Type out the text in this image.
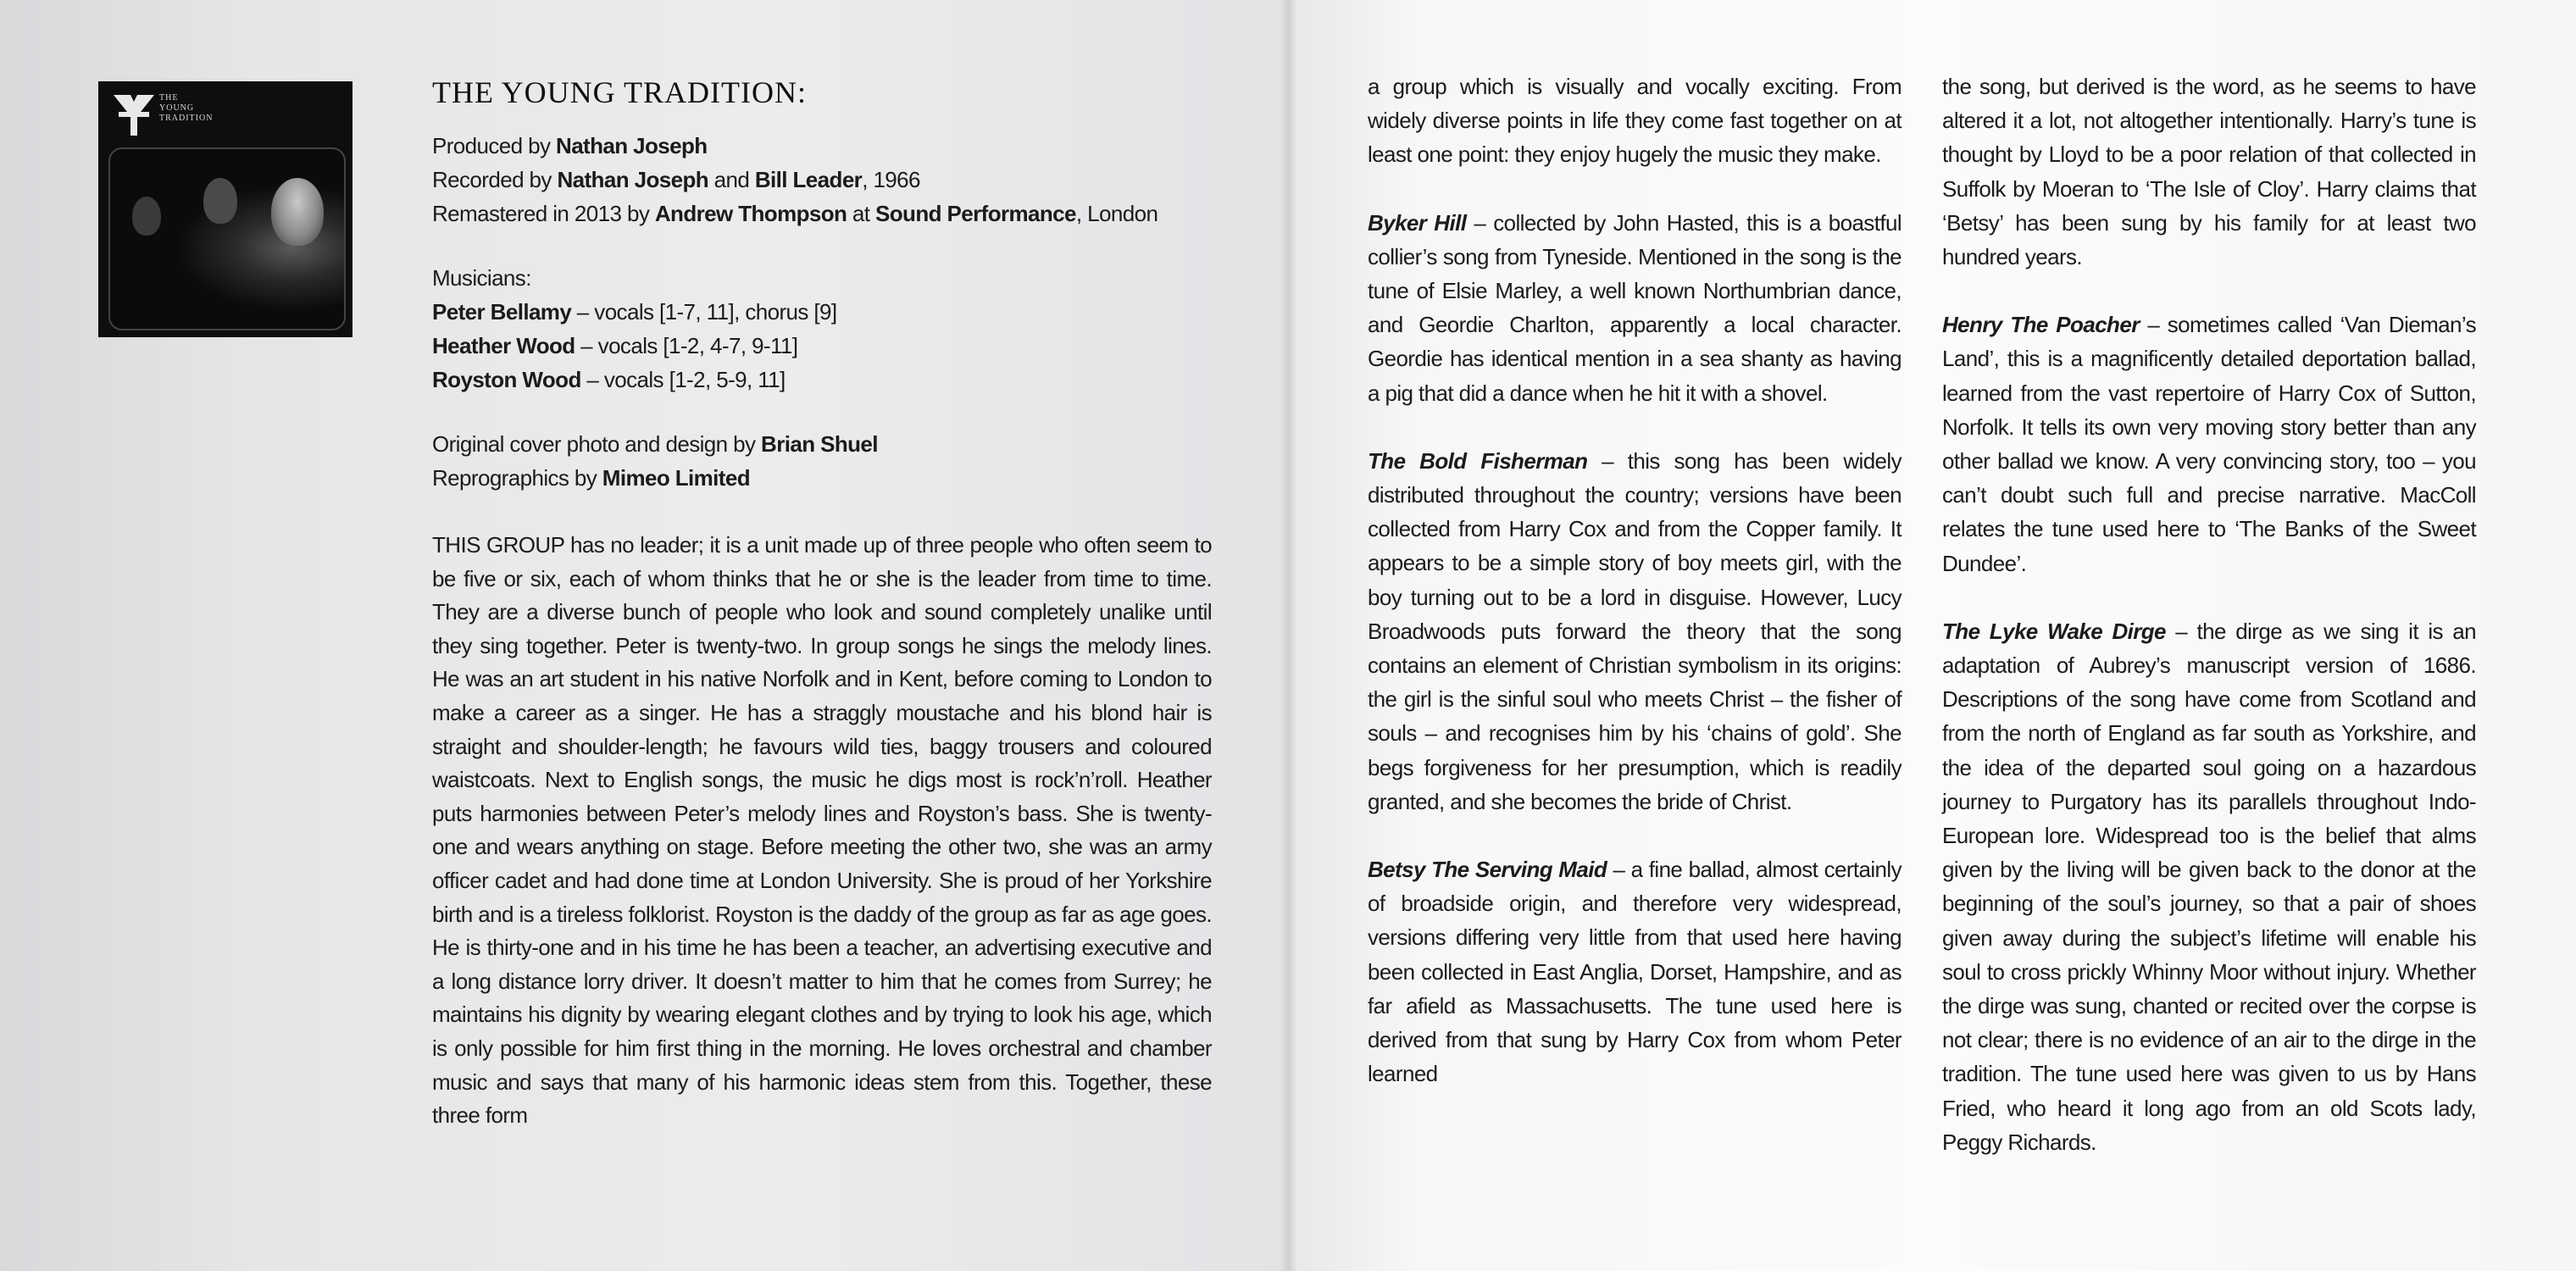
THE
YOUNG
TRADITION
THE YOUNG TRADITION:
Produced by Nathan Joseph
Recorded by Nathan Joseph and Bill Leader, 1966
Remastered in 2013 by Andrew Thompson at Sound Performance, London
Musicians:
Peter Bellamy – vocals [1-7, 11], chorus [9]
Heather Wood – vocals [1-2, 4-7, 9-11]
Royston Wood – vocals [1-2, 5-9, 11]
Original cover photo and design by Brian Shuel
Reprographics by Mimeo Limited

THIS GROUP has no leader; it is a unit made up of three people who often seem to be five or six, each of whom thinks that he or she is the leader from time to time. They are a diverse bunch of people who look and sound completely unalike until they sing together. Peter is twenty-two. In group songs he sings the melody lines. He was an art student in his native Norfolk and in Kent, before coming to London to make a career as a singer. He has a straggly moustache and his blond hair is straight and shoulder-length; he favours wild ties, baggy trousers and coloured waistcoats. Next to English songs, the music he digs most is rock’n’roll. Heather puts harmonies between Peter’s melody lines and Royston’s bass. She is twenty-one and wears anything on stage. Before meeting the other two, she was an army officer cadet and had done time at London University. She is proud of her Yorkshire birth and is a tireless folklorist. Royston is the daddy of the group as far as age goes. He is thirty-one and in his time he has been a teacher, an advertising executive and a long distance lorry driver. It doesn’t matter to him that he comes from Surrey; he maintains his dignity by wearing elegant clothes and by trying to look his age, which is only possible for him first thing in the morning. He loves orchestral and chamber music and says that many of his harmonic ideas stem from this. Together, these three form

a group which is visually and vocally exciting. From widely diverse points in life they come fast together on at least one point: they enjoy hugely the music they make.

Byker Hill – collected by John Hasted, this is a boastful collier’s song from Tyneside. Mentioned in the song is the tune of Elsie Marley, a well known Northumbrian dance, and Geordie Charlton, apparently a local character. Geordie has identical mention in a sea shanty as having a pig that did a dance when he hit it with a shovel.

The Bold Fisherman – this song has been widely distributed throughout the country; versions have been collected from Harry Cox and from the Copper family. It appears to be a simple story of boy meets girl, with the boy turning out to be a lord in disguise. However, Lucy Broadwoods puts forward the theory that the song contains an element of Christian symbolism in its origins: the girl is the sinful soul who meets Christ – the fisher of souls – and recognises him by his ‘chains of gold’. She begs forgiveness for her presumption, which is readily granted, and she becomes the bride of Christ.

Betsy The Serving Maid – a fine ballad, almost certainly of broadside origin, and therefore very widespread, versions differing very little from that used here having been collected in East Anglia, Dorset, Hampshire, and as far afield as Massachusetts. The tune used here is derived from that sung by Harry Cox from whom Peter learned

the song, but derived is the word, as he seems to have altered it a lot, not altogether intentionally. Harry’s tune is thought by Lloyd to be a poor relation of that collected in Suffolk by Moeran to ‘The Isle of Cloy’. Harry claims that ‘Betsy’ has been sung by his family for at least two hundred years.

Henry The Poacher – sometimes called ‘Van Dieman’s Land’, this is a magnificently detailed deportation ballad, learned from the vast repertoire of Harry Cox of Sutton, Norfolk. It tells its own very moving story better than any other ballad we know. A very convincing story, too – you can’t doubt such full and precise narrative. MacColl relates the tune used here to ‘The Banks of the Sweet Dundee’.

The Lyke Wake Dirge – the dirge as we sing it is an adaptation of Aubrey’s manuscript version of 1686. Descriptions of the song have come from Scotland and from the north of England as far south as Yorkshire, and the idea of the departed soul going on a hazardous journey to Purgatory has its parallels throughout Indo-European lore. Widespread too is the belief that alms given by the living will be given back to the donor at the beginning of the soul’s journey, so that a pair of shoes given away during the subject’s lifetime will enable his soul to cross prickly Whinny Moor without injury. Whether the dirge was sung, chanted or recited over the corpse is not clear; there is no evidence of an air to the dirge in the tradition. The tune used here was given to us by Hans Fried, who heard it long ago from an old Scots lady, Peggy Richards.
